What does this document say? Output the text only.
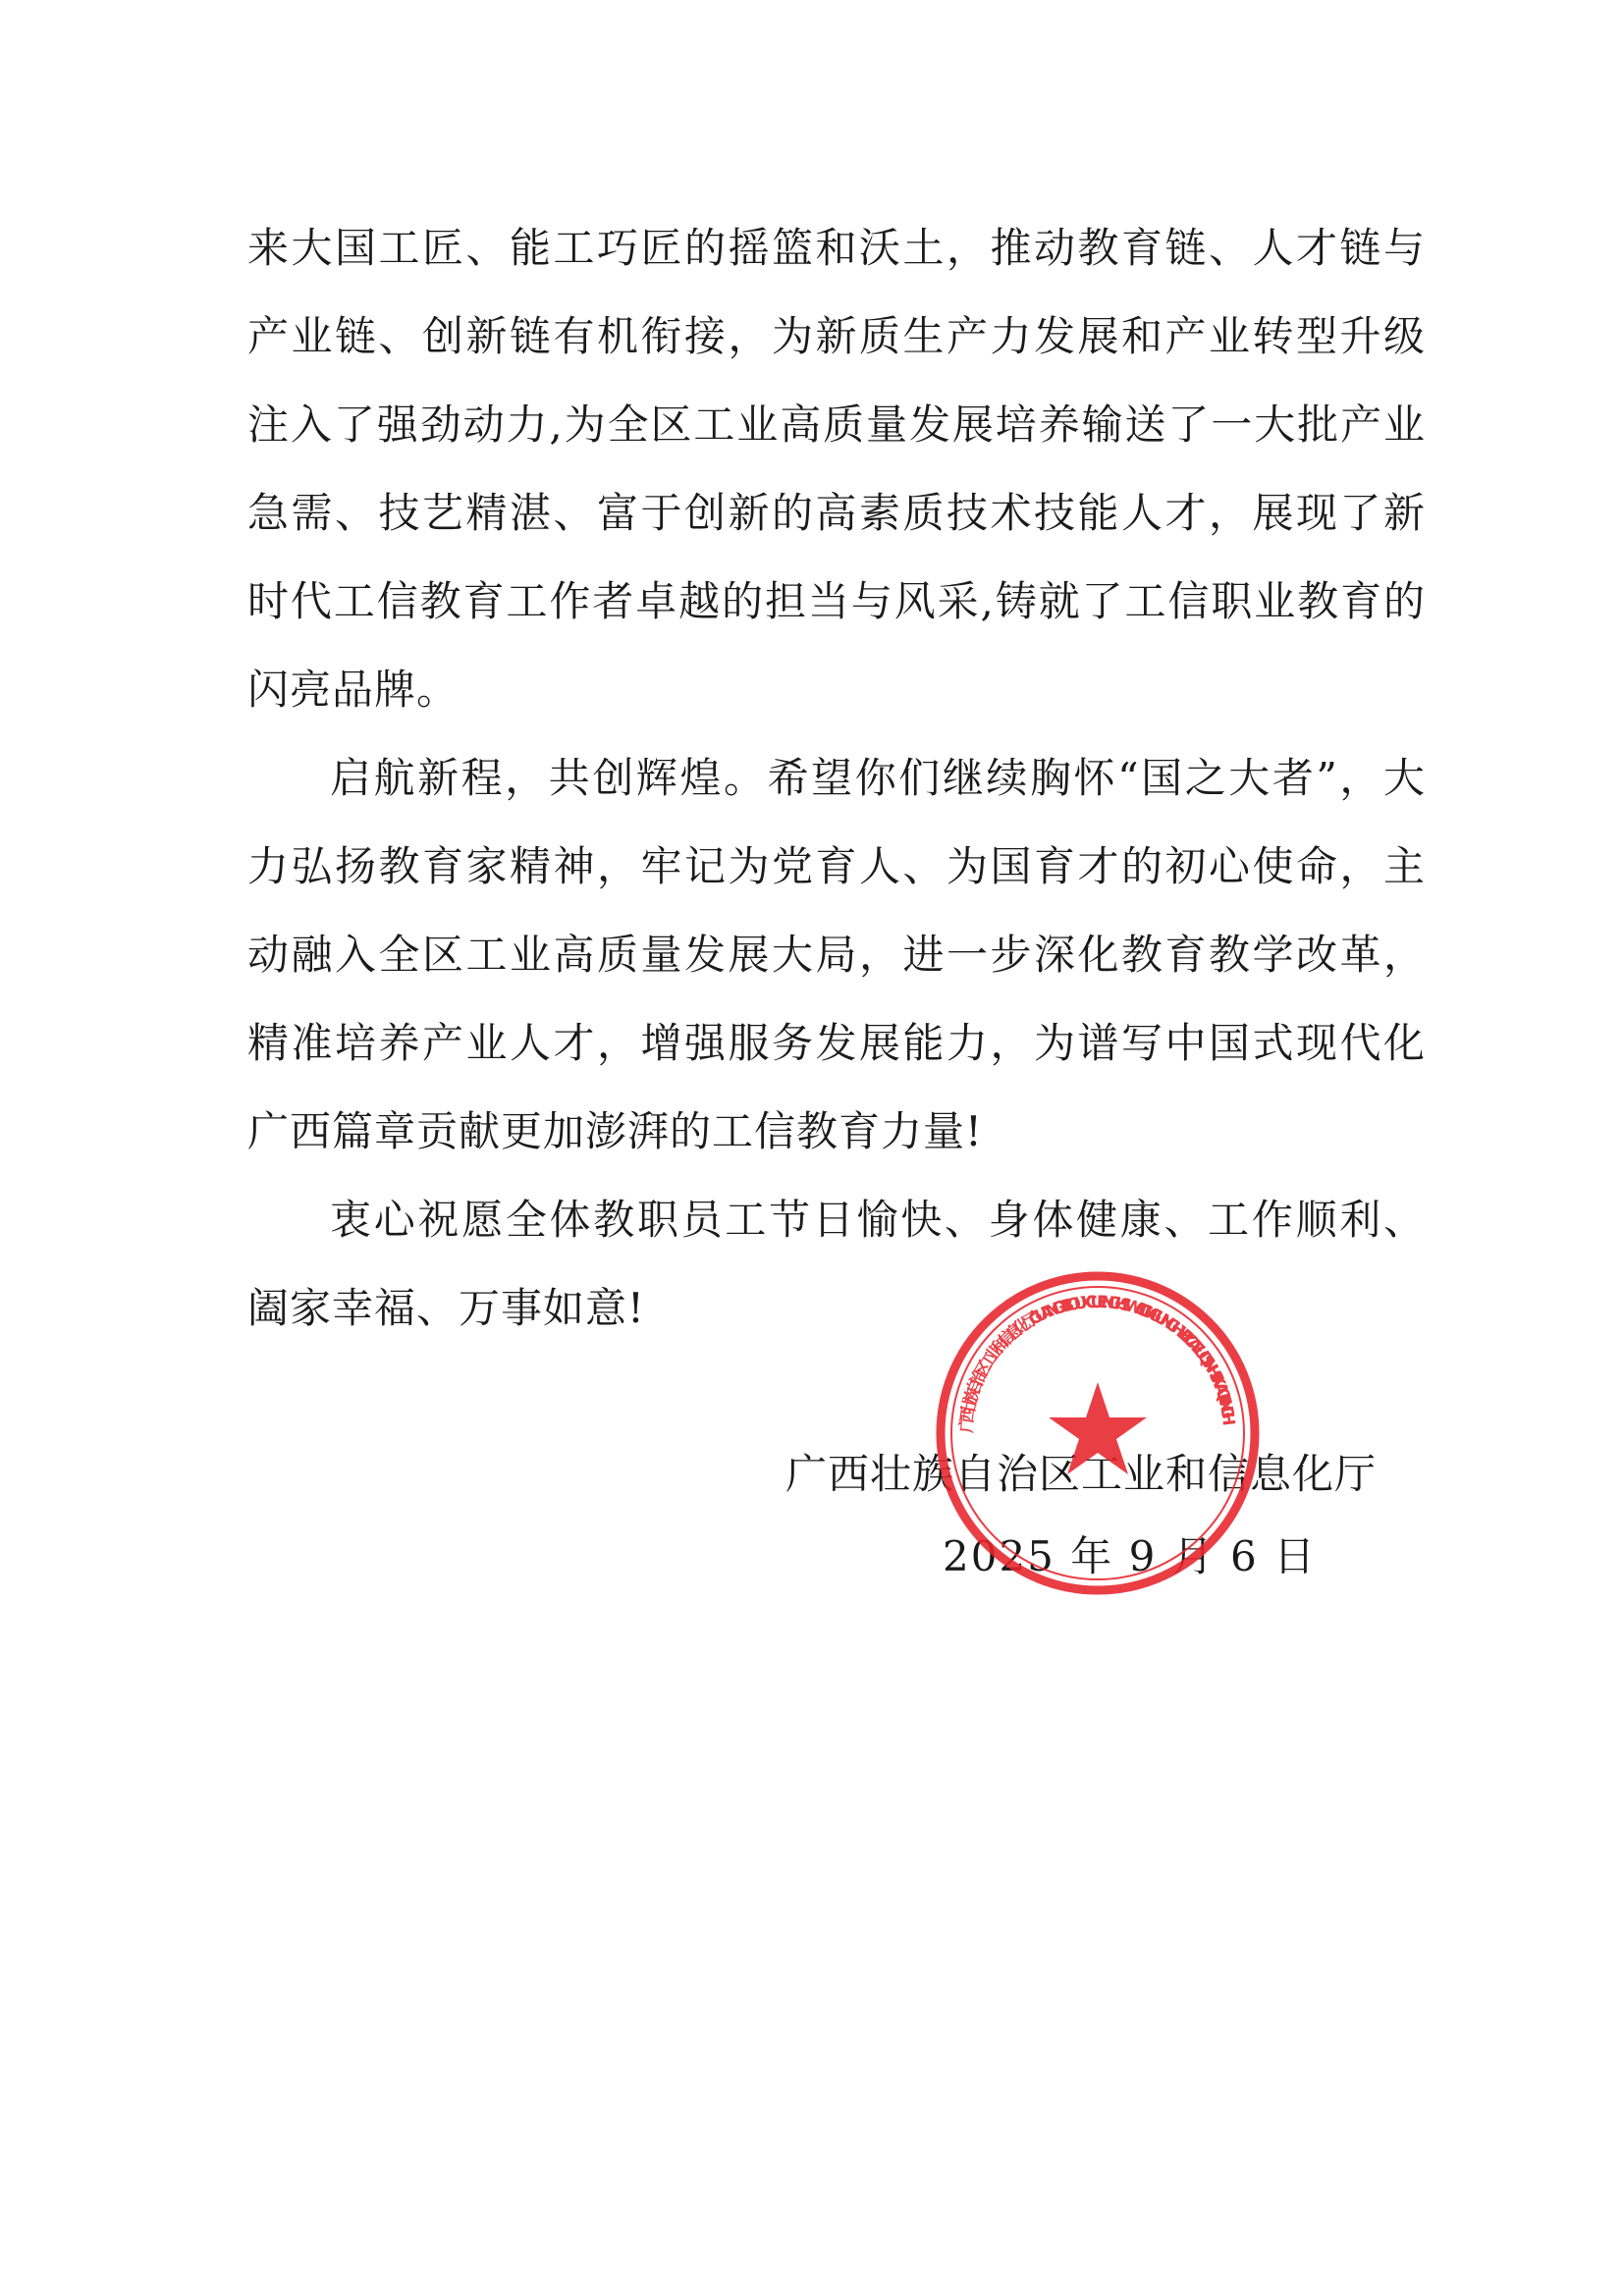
来大国工匠、能工巧匠的摇篮和沃土，推动教育链、人才链与产业链、创新链有机衔接，为新质生产力发展和产业转型升级注入了强劲动力,为全区工业高质量发展培养输送了一大批产业急需、技艺精湛、富于创新的高素质技术技能人才，展现了新时代工信教育工作者卓越的担当与风采,铸就了工信职业教育的闪亮品牌。

启航新程，共创辉煌。希望你们继续胸怀“国之大者”，大力弘扬教育家精神，牢记为党育人、为国育才的初心使命，主动融入全区工业高质量发展大局，进一步深化教育教学改革，精准培养产业人才，增强服务发展能力，为谱写中国式现代化广西篇章贡献更加澎湃的工信教育力量!

衷心祝愿全体教职员工节日愉快、身体健康、工作顺利、阖家幸福、万事如意!

广西壮族自治区工业和信息化厅
2025 年 9 月 6 日
广西壮族自治区工业和信息化厅 GUANGXI BOUXCUENGH SWCIGIH GUNGHYEIZ CAEUQ SINHSIK VAQ DINGH
